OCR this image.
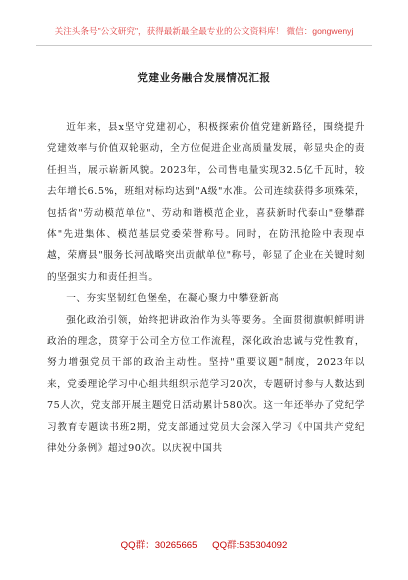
关注头条号"公文研究"，获得最新最全最专业的公文资料库！ 微信：gongwenyj
党建业务融合发展情况汇报

近年来，县x坚守党建初心，积极探索价值党建新路径，围绕提升党建效率与价值双轮驱动，全方位促进企业高质量发展，彰显央企的责任担当，展示崭新风貌。2023年，公司售电量实现32.5亿千瓦时，较去年增长6.5%，班组对标均达到"A级"水准。公司连续获得多项殊荣，包括省"劳动模范单位"、劳动和谐模范企业，喜获新时代泰山"登攀群体"先进集体、模范基层党委荣誉称号。同时，在防汛抢险中表现卓越，荣膺县"服务长河战略突出贡献单位"称号，彰显了企业在关键时刻的坚强实力和责任担当。

一、夯实坚韧红色堡垒，在凝心聚力中攀登新高

强化政治引领，始终把讲政治作为头等要务。全面贯彻旗帜鲜明讲政治的理念，贯穿于公司全方位工作流程，深化政治忠诚与党性教育，努力增强党员干部的政治主动性。坚持"重要议题"制度，2023年以来，党委理论学习中心组共组织示范学习20次，专题研讨参与人数达到75人次，党支部开展主题党日活动累计580次。这一年还举办了党纪学习教育专题读书班2期，党支部通过党员大会深入学习《中国共产党纪律处分条例》超过90次。以庆祝中国共

QQ群：30265665 QQ群:535304092
